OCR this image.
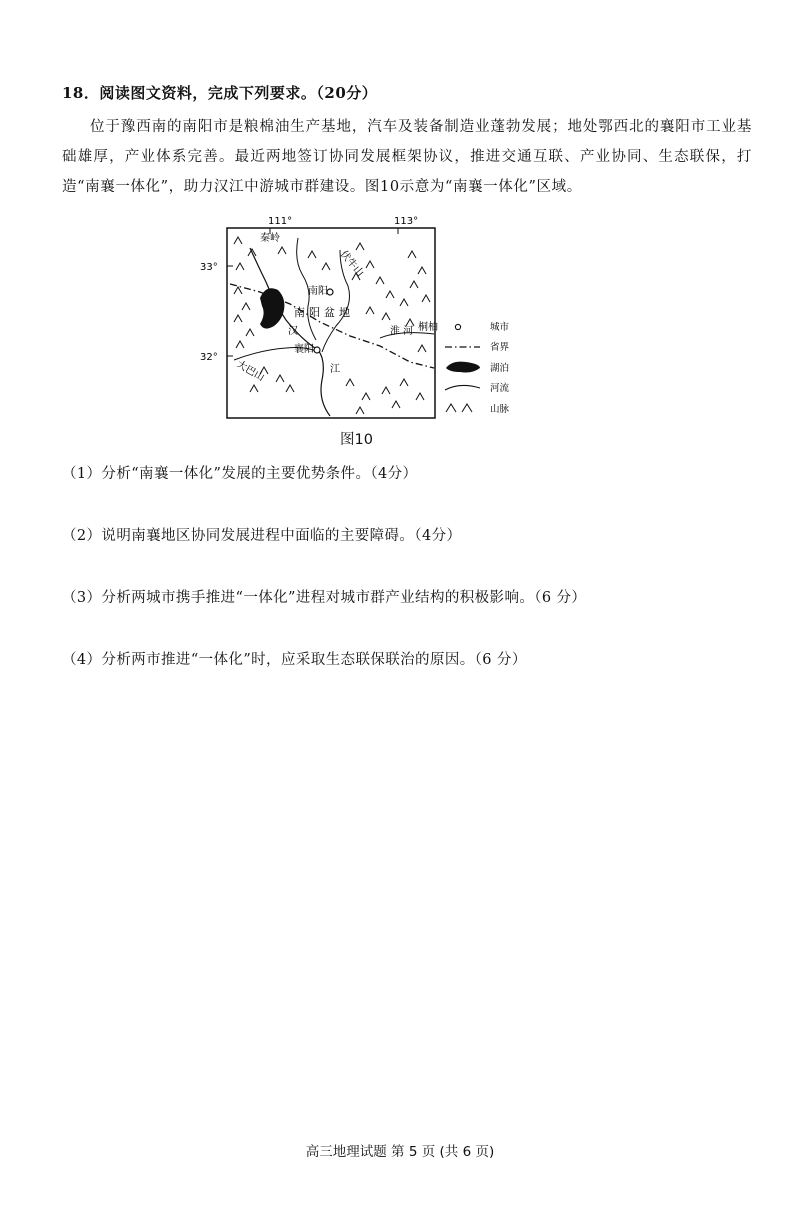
18．阅读图文资料，完成下列要求。（20分）
位于豫西南的南阳市是粮棉油生产基地，汽车及装备制造业蓬勃发展；地处鄂西北的襄阳市工业基础雄厚，产业体系完善。最近两地签订协同发展框架协议，推进交通互联、产业协同、生态联保，打造“南襄一体化”，助力汉江中游城市群建设。图10示意为“南襄一体化”区域。
111°	113°
33°
32°
秦岭
伏牛山
南阳
南阳盆地
汉
襄阳
江
大巴山
淮 河 桐柏	城市
省界
湖泊
河流
山脉
图10
（1）分析“南襄一体化”发展的主要优势条件。（4分）
（2）说明南襄地区协同发展进程中面临的主要障碍。（4分）
（3）分析两城市携手推进“一体化”进程对城市群产业结构的积极影响。（6 分）
（4）分析两市推进“一体化”时，应采取生态联保联治的原因。（6 分）
高三地理试题 第 5 页 (共 6 页)
